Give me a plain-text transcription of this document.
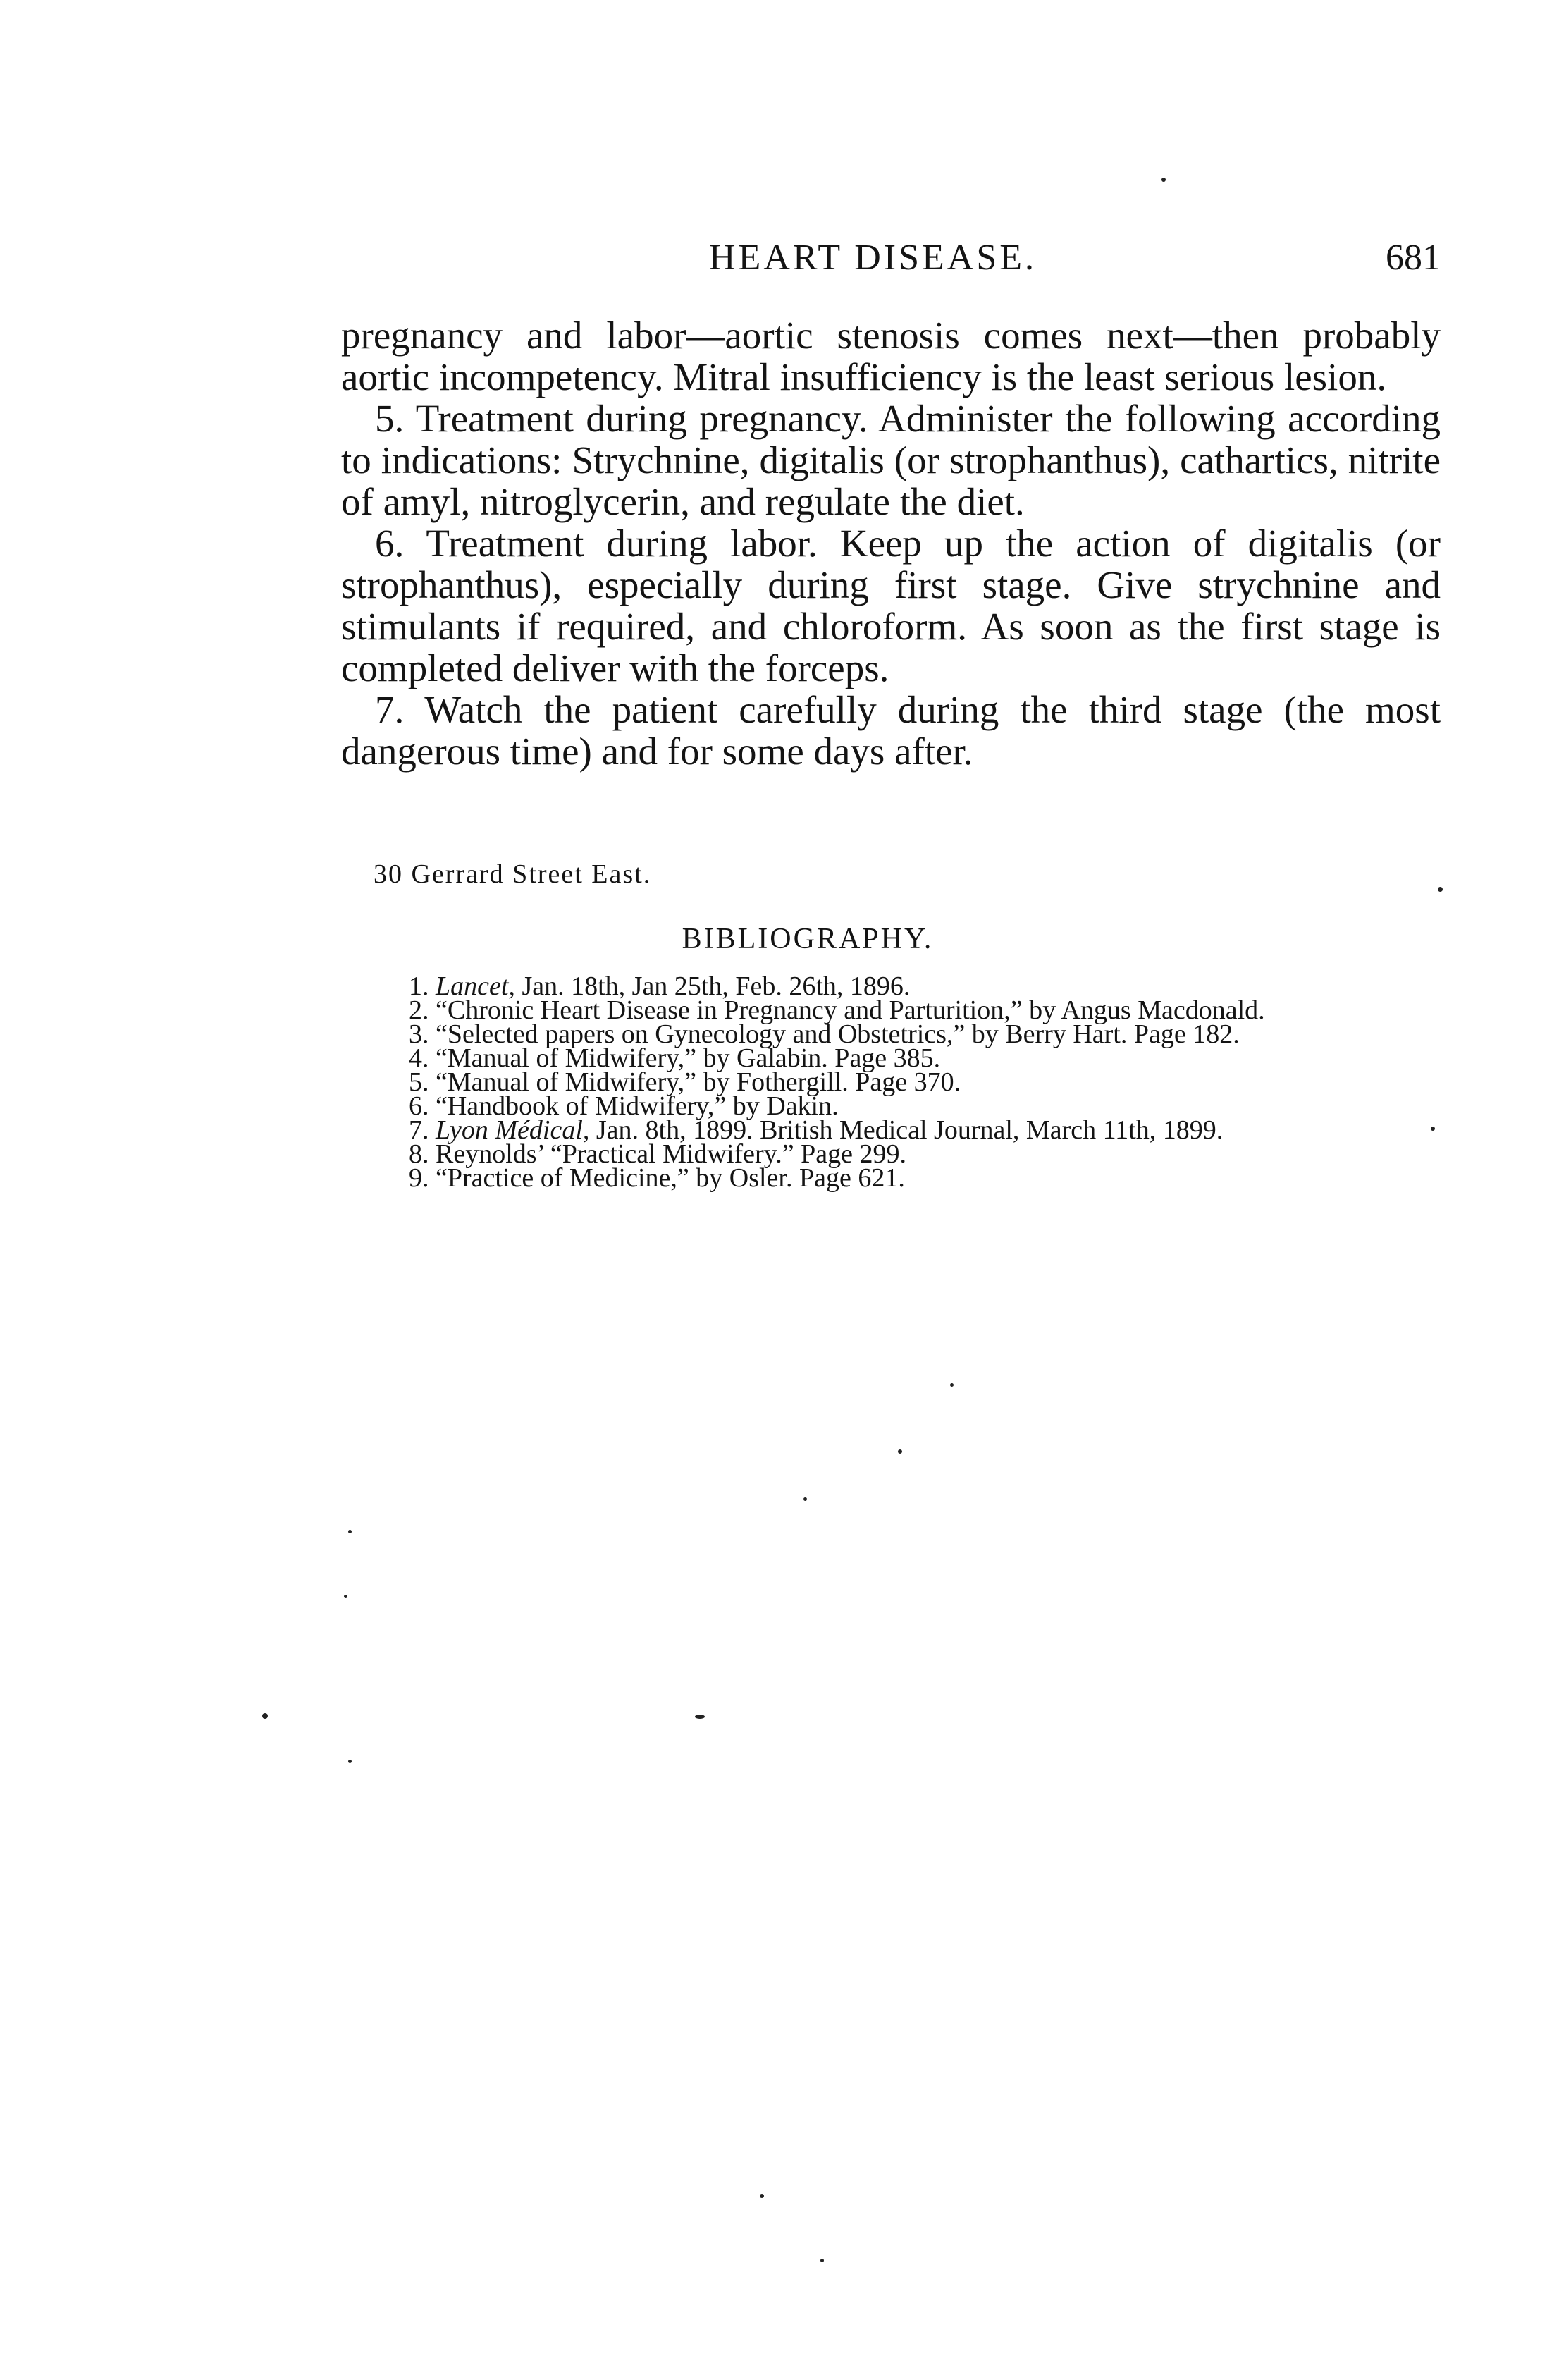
HEART DISEASE.	681

pregnancy and labor—aortic stenosis comes next—then probably aortic incompetency. Mitral insufficiency is the least serious lesion.

5. Treatment during pregnancy. Administer the following according to indications: Strychnine, digitalis (or strophanthus), cathartics, nitrite of amyl, nitroglycerin, and regulate the diet.

6. Treatment during labor. Keep up the action of digitalis (or strophanthus), especially during first stage. Give strychnine and stimulants if required, and chloroform. As soon as the first stage is completed deliver with the forceps.

7. Watch the patient carefully during the third stage (the most dangerous time) and for some days after.

30 Gerrard Street East.
BIBLIOGRAPHY.
1. Lancet, Jan. 18th, Jan 25th, Feb. 26th, 1896.
2. “Chronic Heart Disease in Pregnancy and Parturition,” by Angus Macdonald.
3. “Selected papers on Gynecology and Obstetrics,” by Berry Hart. Page 182.
4. “Manual of Midwifery,” by Galabin. Page 385.
5. “Manual of Midwifery,” by Fothergill. Page 370.
6. “Handbook of Midwifery,” by Dakin.
7. Lyon Médical, Jan. 8th, 1899. British Medical Journal, March 11th, 1899.
8. Reynolds’ “Practical Midwifery.” Page 299.
9. “Practice of Medicine,” by Osler. Page 621.
